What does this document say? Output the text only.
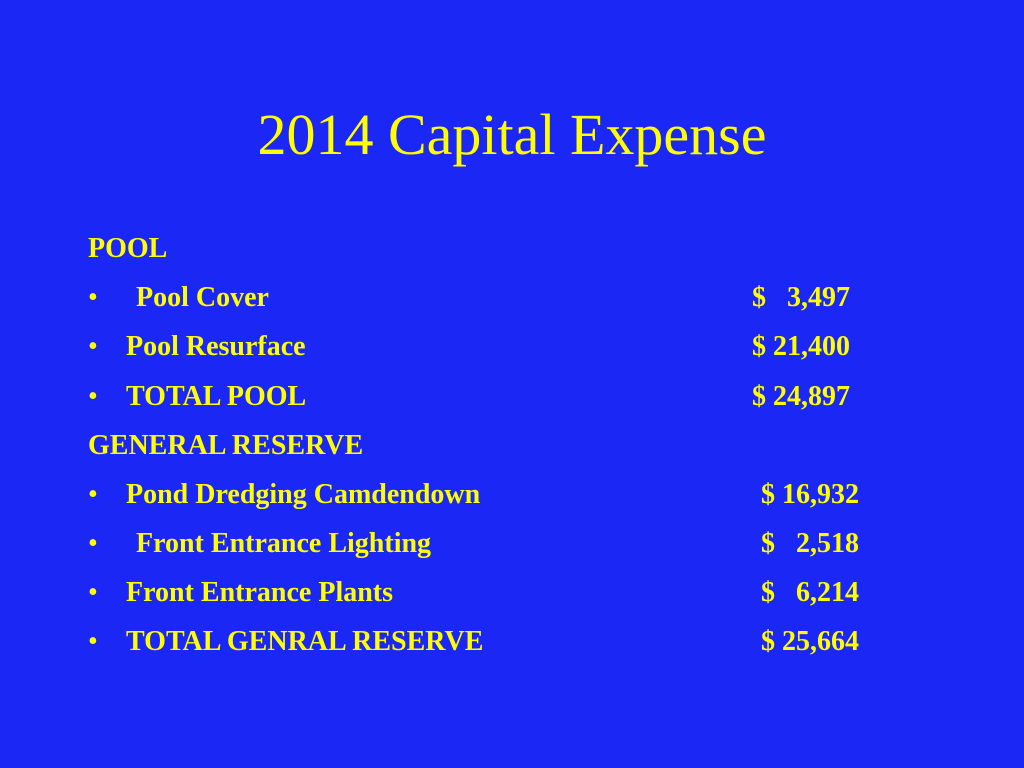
2014 Capital Expense
POOL
• Pool Cover	$   3,497
• Pool Resurface	$ 21,400
• TOTAL POOL	$ 24,897
GENERAL RESERVE
• Pond Dredging Camdendown	$ 16,932
• Front Entrance Lighting	$   2,518
• Front Entrance Plants	$   6,214
• TOTAL GENRAL RESERVE	$ 25,664
